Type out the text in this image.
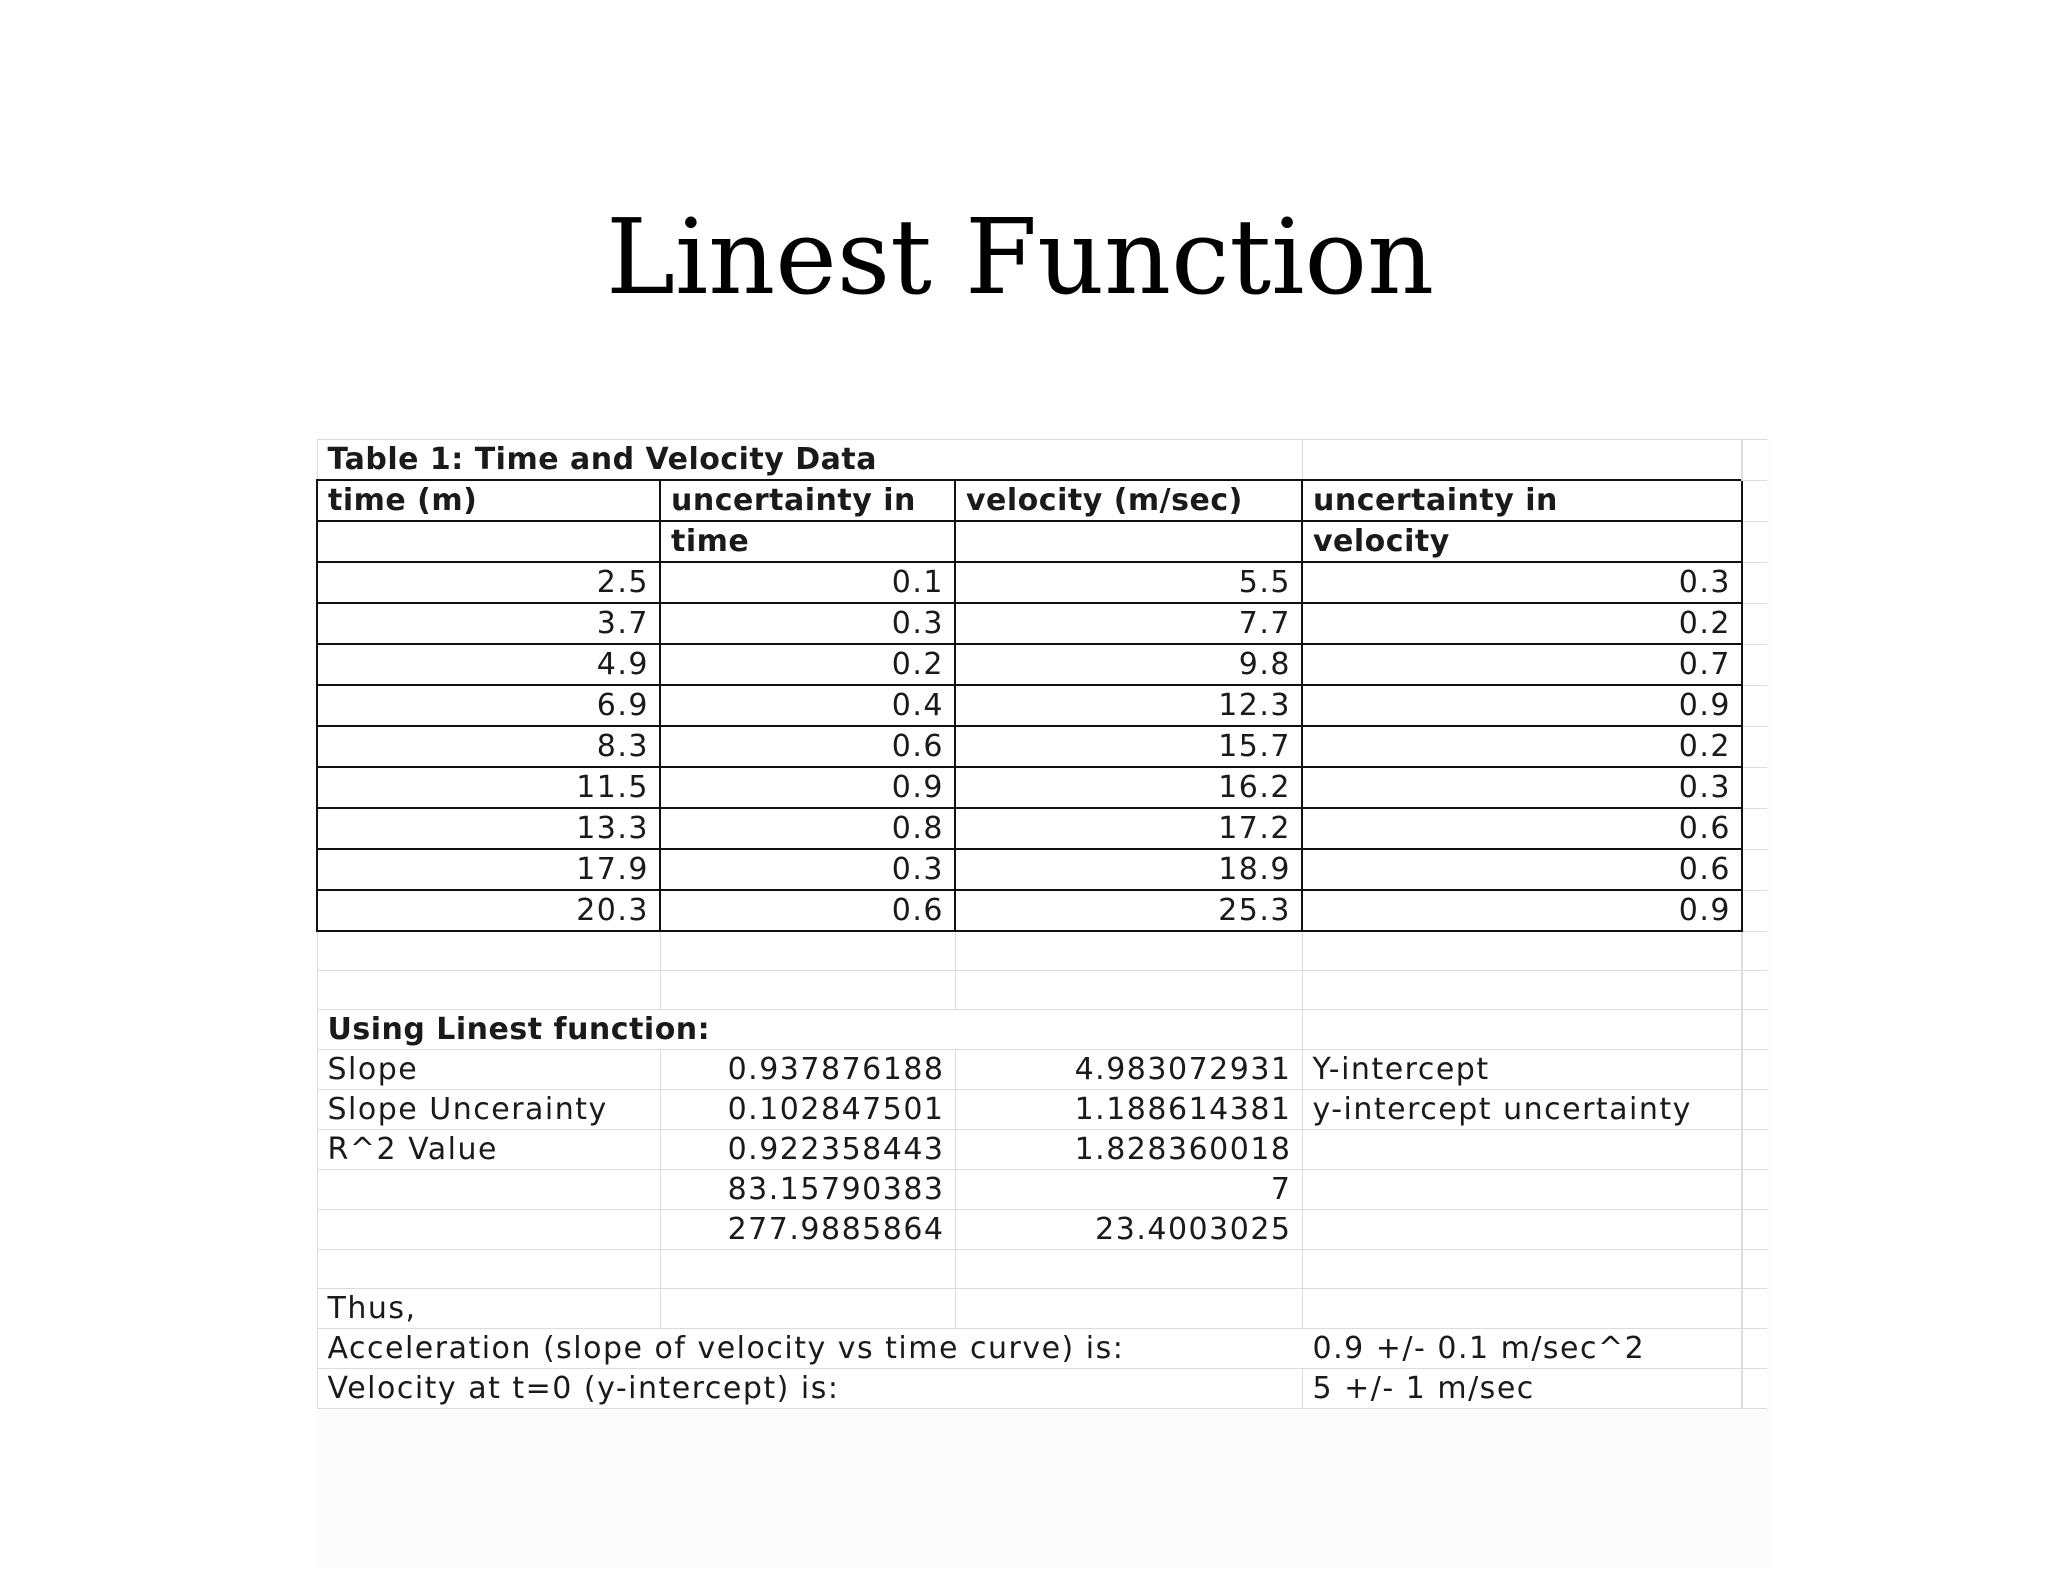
Linest Function
Table 1: Time and Velocity Data				
time (m)	uncertainty in	velocity (m/sec)	uncertainty in	
	time		velocity	
2.5	0.1	5.5	0.3	
3.7	0.3	7.7	0.2	
4.9	0.2	9.8	0.7	
6.9	0.4	12.3	0.9	
8.3	0.6	15.7	0.2	
11.5	0.9	16.2	0.3	
13.3	0.8	17.2	0.6	
17.9	0.3	18.9	0.6	
20.3	0.6	25.3	0.9	

Using Linest function:				
Slope	0.937876188	4.983072931	Y-intercept	
Slope Uncerainty	0.102847501	1.188614381	y-intercept uncertainty	
R^2 Value	0.922358443	1.828360018		
	83.15790383	7		
	277.9885864	23.4003025		

Thus,				
Acceleration (slope of velocity vs time curve) is:			0.9 +/- 0.1 m/sec^2	
Velocity at t=0 (y-intercept) is:			5 +/- 1 m/sec	
